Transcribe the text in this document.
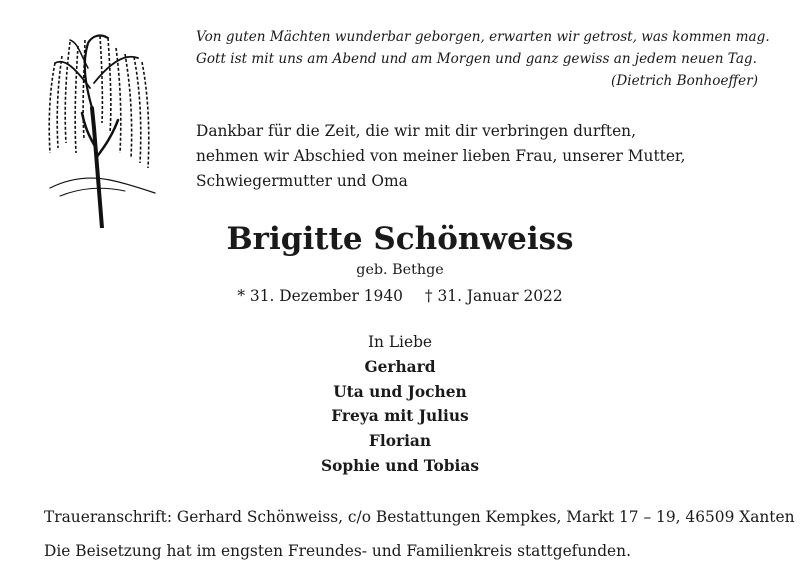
Von guten Mächten wunderbar geborgen, erwarten wir getrost, was kommen mag.
Gott ist mit uns am Abend und am Morgen und ganz gewiss an jedem neuen Tag.
(Dietrich Bonhoeffer)
Dankbar für die Zeit, die wir mit dir verbringen durften,
nehmen wir Abschied von meiner lieben Frau, unserer Mutter,
Schwiegermutter und Oma
Brigitte Schönweiss
geb. Bethge
* 31. Dezember 1940 † 31. Januar 2022
In Liebe
Gerhard
Uta und Jochen
Freya mit Julius
Florian
Sophie und Tobias
Traueranschrift: Gerhard Schönweiss, c/o Bestattungen Kempkes, Markt 17 – 19, 46509 Xanten
Die Beisetzung hat im engsten Freundes- und Familienkreis stattgefunden.
